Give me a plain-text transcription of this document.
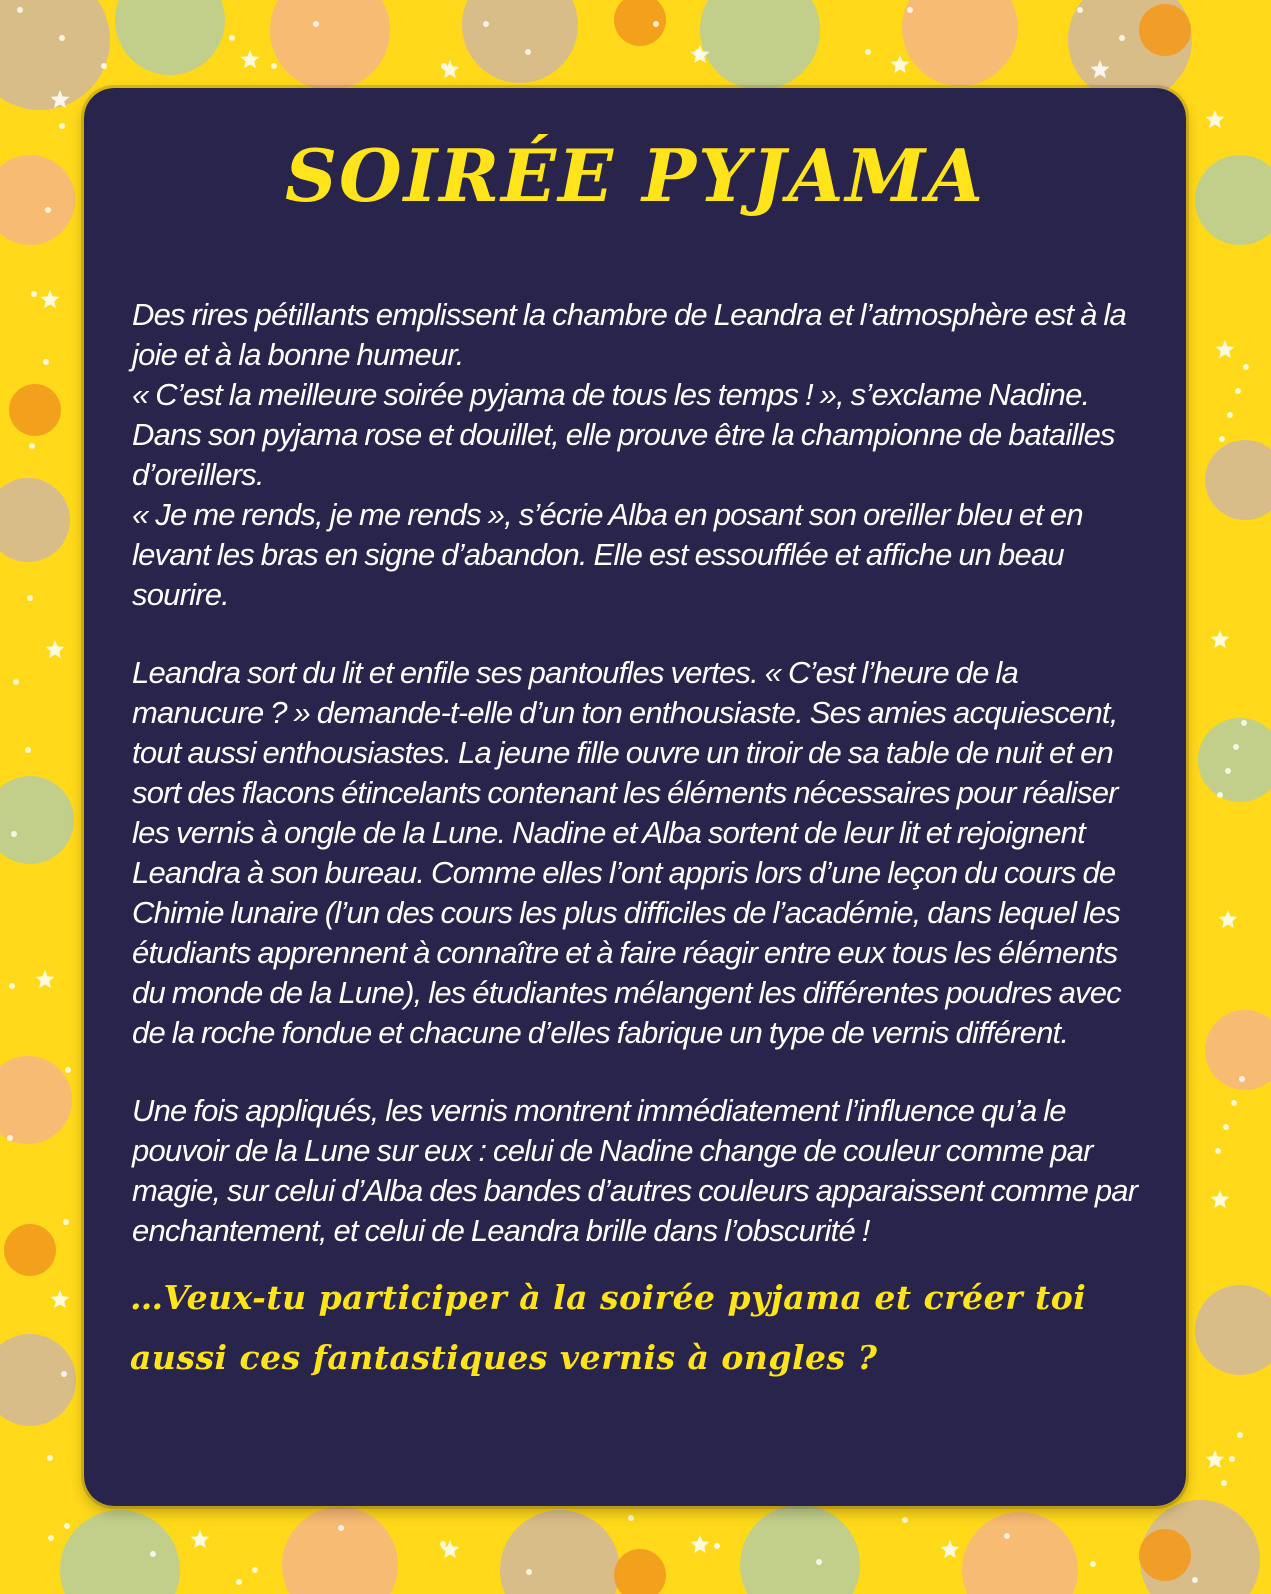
SOIRÉE PYJAMA

Des rires pétillants emplissent la chambre de Leandra et l’atmosphère est à la joie et à la bonne humeur.
« C’est la meilleure soirée pyjama de tous les temps ! », s’exclame Nadine.
Dans son pyjama rose et douillet, elle prouve être la championne de batailles d’oreillers.
« Je me rends, je me rends », s’écrie Alba en posant son oreiller bleu et en levant les bras en signe d’abandon. Elle est essoufflée et affiche un beau sourire.

Leandra sort du lit et enfile ses pantoufles vertes. « C’est l’heure de la manucure ? » demande-t-elle d’un ton enthousiaste. Ses amies acquiescent, tout aussi enthousiastes. La jeune fille ouvre un tiroir de sa table de nuit et en sort des flacons étincelants contenant les éléments nécessaires pour réaliser les vernis à ongle de la Lune. Nadine et Alba sortent de leur lit et rejoignent Leandra à son bureau. Comme elles l’ont appris lors d’une leçon du cours de Chimie lunaire (l’un des cours les plus difficiles de l’académie, dans lequel les étudiants apprennent à connaître et à faire réagir entre eux tous les éléments du monde de la Lune), les étudiantes mélangent les différentes poudres avec de la roche fondue et chacune d’elles fabrique un type de vernis différent.

Une fois appliqués, les vernis montrent immédiatement l’influence qu’a le pouvoir de la Lune sur eux : celui de Nadine change de couleur comme par magie, sur celui d’Alba des bandes d’autres couleurs apparaissent comme par enchantement, et celui de Leandra brille dans l’obscurité !

…Veux-tu participer à la soirée pyjama et créer toi aussi ces fantastiques vernis à ongles ?
